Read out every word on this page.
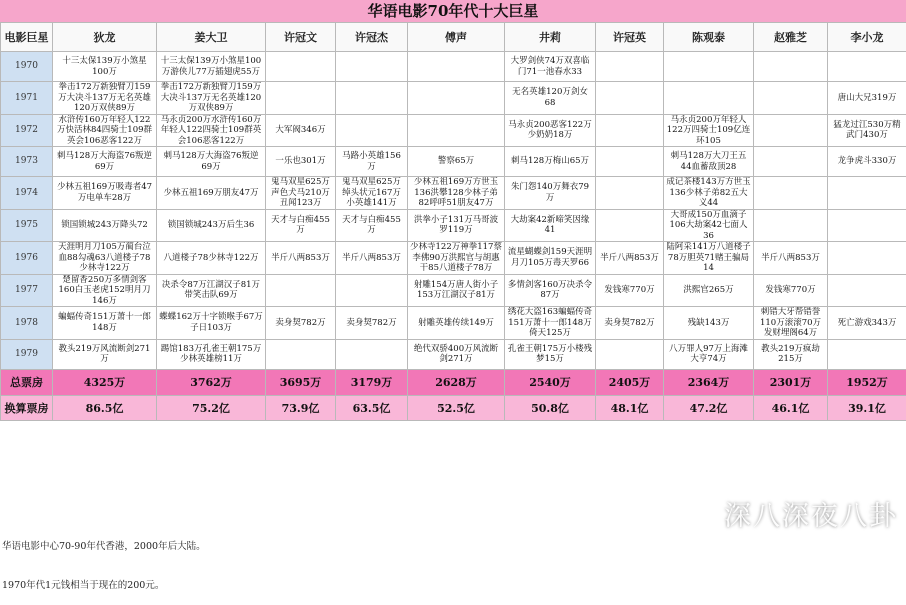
华语电影70年代十大巨星
电影巨星	狄龙	姜大卫	许冠文	许冠杰	傅声	井莉	许冠英	陈观泰	赵雅芝	李小龙
1970	十三太保139万小煞星100万	十三太保139万小煞星100万游侠儿77万插翅虎55万				大罗剑侠74万双喜临门71一池春水33				
1971	拳击172万新独臂刀159万大决斗137万无名英雄120万双侠89万	拳击172万新独臂刀159万大决斗137万无名英雄120万双侠89万				无名英雄120万剑女68				唐山大兄319万
1972	水浒传160万年轻人122万快活林84四骑士109群英会106恶客122万	马永贞200万水浒传160万年轻人122四骑士109群英会106恶客122万	大军阀346万			马永贞200恶客122万少奶奶18万		马永贞200万年轻人122万四骑士109亿连环105		猛龙过江530万精武门430万
1973	刺马128万大海盗76叛逆69万	刺马128万大海盗76叛逆69万	一乐也301万	马路小英雄156万	警察65万	刺马128万梅山65万		刺马128万大刀王五44血蓄敌顶28		龙争虎斗330万
1974	少林五祖169万吸毒者47万电单车28万	少林五祖169万朋友47万	鬼马双星625万声色犬马210万丑闻123万	鬼马双星625万绰头状元167万小英雄141万	少林五祖169万方世玉136洪攀128少林子弟82呼呼51朋友47万	朱门怨140万舞衣79万		成记茶楼143万方世玉136少林子弟82五大义44		
1975	锁国锁城243万降头72	锁国锁城243万后生36	天才与白痴455万	天才与白痴455万	洪拳小子131万马哥波罗119万	大劫案42新啼笑因缘41		大哥成150万血滴子106大劫案42七面人36		
1976	天涯明月刀105万蔺台泣血88勾魂63八道楼子78少林寺122万	八道楼子78少林寺122万	半斤八两853万	半斤八两853万	少林寺122万神拳117蔡李佛90万洪熙官与胡惠干85八道楼子78万	流星蝴蝶剑159天涯明月刀105万毒天罗66	半斤八两853万	陆阿采141万八道楼子78万胆英71赌王骗局14	半斤八两853万	
1977	楚留香250万多情剑客160白玉老虎152明月刀146万	决杀令87万江湖汉子81万带笑击队69万			射雕154万唐人街小子153万江湖汉子81万	多情剑客160万决杀令87万	发钱寒770万	洪熙官265万	发钱寒770万	
1978	蝙蝠传奇151万萧十一郎148万	蝶蝶162万十字锁喉手67万子日103万	卖身契782万	卖身契782万	射雕英雄传续149万	绣花大盗163蝙蝠传奇151万萧十一郎148万倚天125万	卖身契782万	残缺143万	刺错大牙帮错誉110万滚滚70万发财埋阁64万	死亡游戏343万
1979	教头219万风流断剑271万	踢馆183万孔雀王朝175万少林英雄榜11万			绝代双骄400万风流断剑271万	孔雀王朝175万小楼残梦15万		八万罪人97万上海滩大亨74万	教头219万疯劫215万	
总票房	4325万	3762万	3695万	3179万	2628万	2540万	2405万	2364万	2301万	1952万
换算票房	86.5亿	75.2亿	73.9亿	63.5亿	52.5亿	50.8亿	48.1亿	47.2亿	46.1亿	39.1亿

华语电影中心70-90年代香港，2000年后大陆。

1970年代1元钱相当于现在的200元。

深八深夜八卦
